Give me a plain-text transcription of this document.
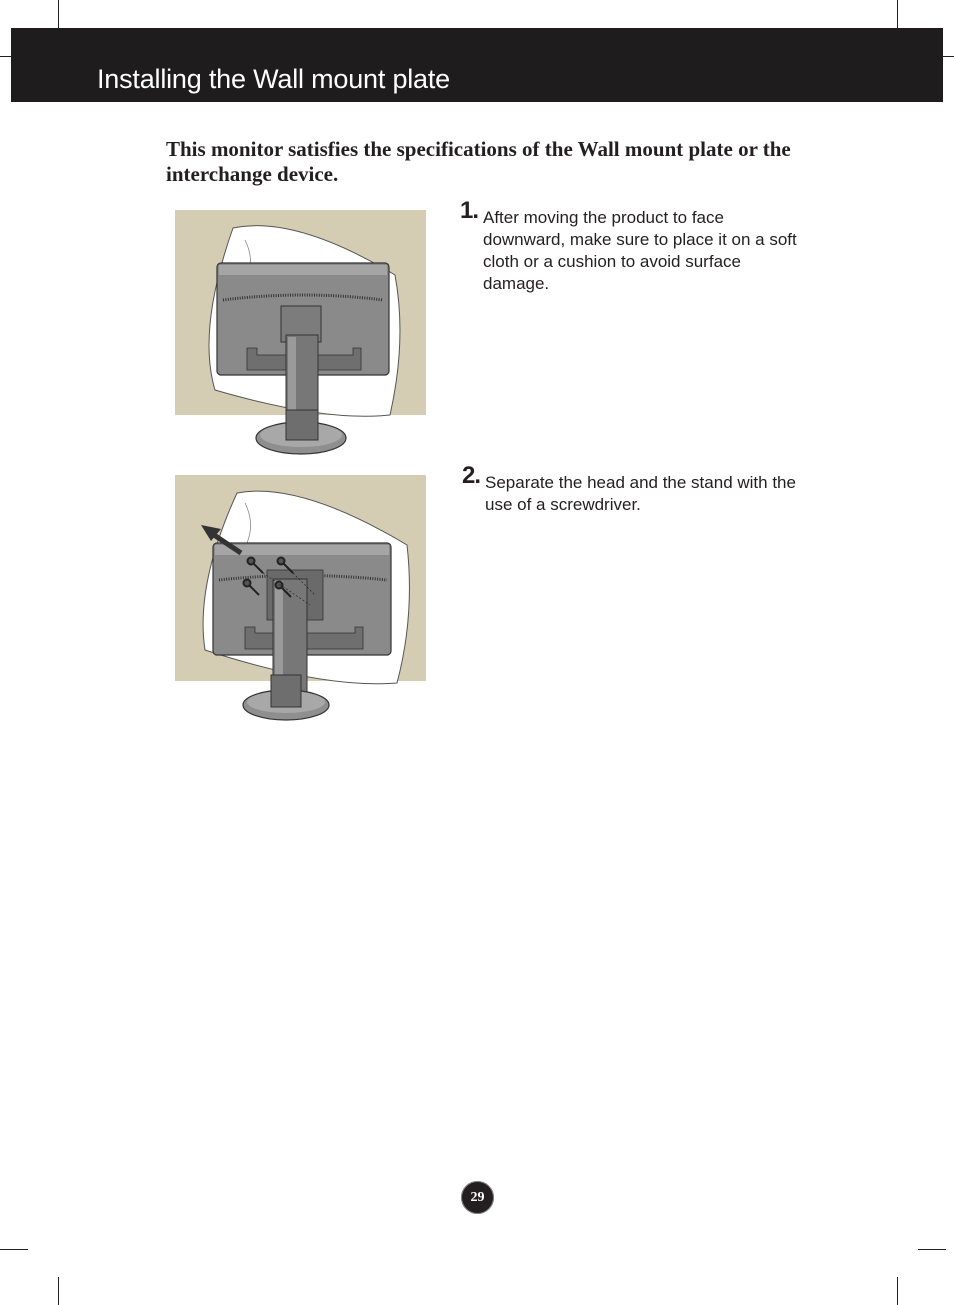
Installing the Wall mount plate
This monitor satisfies the specifications of the Wall mount plate or the interchange device.
1. After moving the product to face downward, make sure to place it on a soft cloth or a cushion to avoid surface damage.
2. Separate the head and the stand with the use of a screwdriver.
29
